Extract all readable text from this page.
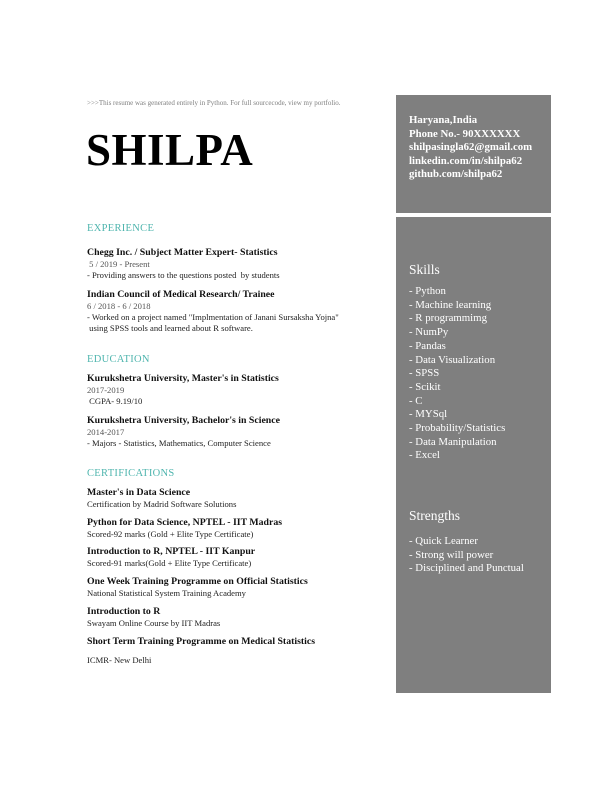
>>>This resume was generated entirely in Python. For full sourcecode, view my portfolio.
SHILPA
EXPERIENCE
Chegg Inc. / Subject Matter Expert- Statistics
5 / 2019 - Present
- Providing answers to the questions posted  by students
Indian Council of Medical Research/ Trainee
6 / 2018 - 6 / 2018
- Worked on a project named "Implmentation of Janani Sursaksha Yojna"
using SPSS tools and learned about R software.
EDUCATION
Kurukshetra University, Master's in Statistics
2017-2019
CGPA- 9.19/10
Kurukshetra University, Bachelor's in Science
2014-2017
- Majors - Statistics, Mathematics, Computer Science
CERTIFICATIONS
Master's in Data Science
Certification by Madrid Software Solutions
Python for Data Science, NPTEL - IIT Madras
Scored-92 marks (Gold + Elite Type Certificate)
Introduction to R, NPTEL - IIT Kanpur
Scored-91 marks(Gold + Elite Type Certificate)
One Week Training Programme on Official Statistics
National Statistical System Training Academy
Introduction to R
Swayam Online Course by IIT Madras
Short Term Training Programme on Medical Statistics
ICMR- New Delhi
Haryana,India
Phone No.- 90XXXXXX
shilpasingla62@gmail.com
linkedin.com/in/shilpa62
github.com/shilpa62
Skills
- Python
- Machine learning
- R programmimg
- NumPy
- Pandas
- Data Visualization
- SPSS
- Scikit
- C
- MYSql
- Probability/Statistics
- Data Manipulation
- Excel
Strengths
- Quick Learner
- Strong will power
- Disciplined and Punctual
